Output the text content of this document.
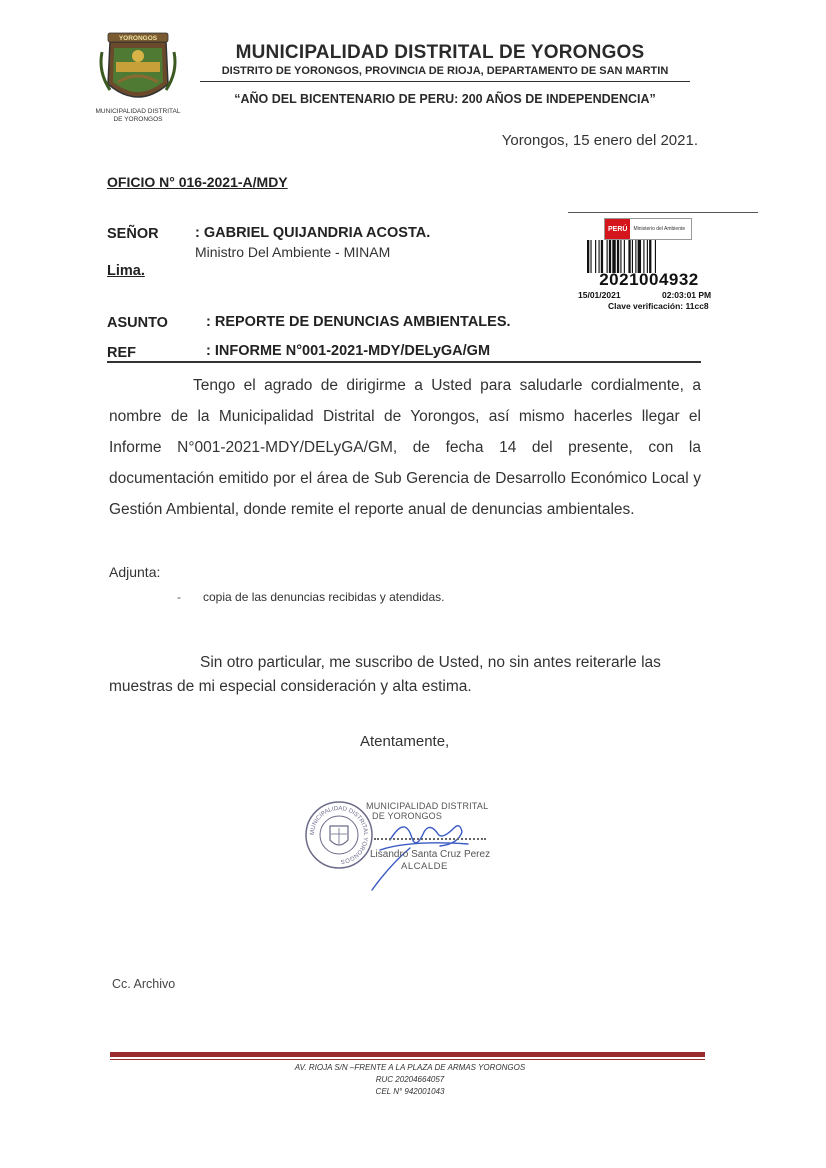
YORONGOS
MUNICIPALIDAD DISTRITAL DE YORONGOS
MUNICIPALIDAD DISTRITAL DE YORONGOS
DISTRITO DE YORONGOS, PROVINCIA DE RIOJA, DEPARTAMENTO DE SAN MARTIN
“AÑO DEL BICENTENARIO DE PERU: 200 AÑOS DE INDEPENDENCIA”
Yorongos, 15 enero del 2021.
OFICIO N° 016-2021-A/MDY
SEÑOR	: GABRIEL QUIJANDRIA ACOSTA.
Ministro Del Ambiente - MINAM
Lima.
ASUNTO	: REPORTE DE DENUNCIAS AMBIENTALES.
REF	: INFORME N°001-2021-MDY/DELyGA/GM
PERÚ	Ministerio del Ambiente
2021004932
15/01/2021	02:03:01 PM
Clave verificación: 11cc8
Tengo el agrado de dirigirme a Usted para saludarle cordialmente, a nombre de la Municipalidad Distrital de Yorongos, así mismo hacerles llegar el Informe N°001-2021-MDY/DELyGA/GM, de fecha 14 del presente, con la documentación emitido por el área de Sub Gerencia de Desarrollo Económico Local y Gestión Ambiental, donde remite el reporte anual de denuncias ambientales.
Adjunta:
- copia de las denuncias recibidas y atendidas.
Sin otro particular, me suscribo de Usted, no sin antes reiterarle las muestras de mi especial consideración y alta estima.
Atentamente,
MUNICIPALIDAD DISTRITAL YORONGOS
MUNICIPALIDAD DISTRITAL
DE YORONGOS
Lisandro Santa Cruz Perez
ALCALDE
Cc. Archivo
AV. RIOJA S/N –FRENTE A LA PLAZA DE ARMAS YORONGOS
RUC 20204664057
CEL N° 942001043
